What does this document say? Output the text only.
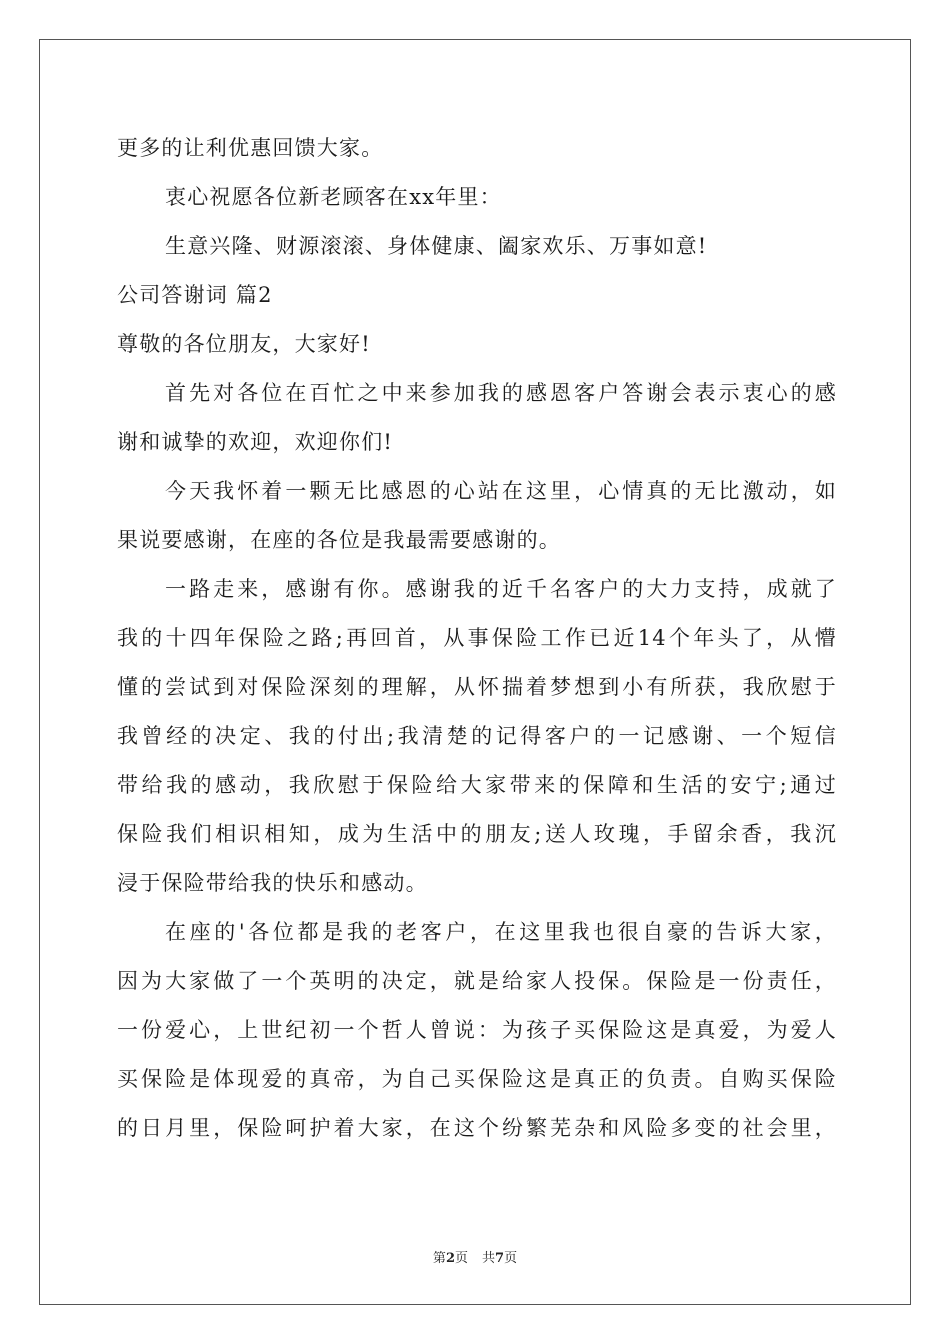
更多的让利优惠回馈大家。
衷心祝愿各位新老顾客在xx年里：
生意兴隆、财源滚滚、身体健康、阖家欢乐、万事如意!
公司答谢词 篇2
尊敬的各位朋友，大家好!
首先对各位在百忙之中来参加我的感恩客户答谢会表示衷心的感
谢和诚挚的欢迎，欢迎你们!
今天我怀着一颗无比感恩的心站在这里，心情真的无比激动，如
果说要感谢，在座的各位是我最需要感谢的。
一路走来，感谢有你。感谢我的近千名客户的大力支持，成就了
我的十四年保险之路;再回首，从事保险工作已近14个年头了，从懵
懂的尝试到对保险深刻的理解，从怀揣着梦想到小有所获，我欣慰于
我曾经的决定、我的付出;我清楚的记得客户的一记感谢、一个短信
带给我的感动，我欣慰于保险给大家带来的保障和生活的安宁;通过
保险我们相识相知，成为生活中的朋友;送人玫瑰，手留余香，我沉
浸于保险带给我的快乐和感动。
在座的'各位都是我的老客户，在这里我也很自豪的告诉大家，
因为大家做了一个英明的决定，就是给家人投保。保险是一份责任，
一份爱心，上世纪初一个哲人曾说：为孩子买保险这是真爱，为爱人
买保险是体现爱的真帝，为自己买保险这是真正的负责。自购买保险
的日月里，保险呵护着大家，在这个纷繁芜杂和风险多变的社会里，
第2页 共7页
